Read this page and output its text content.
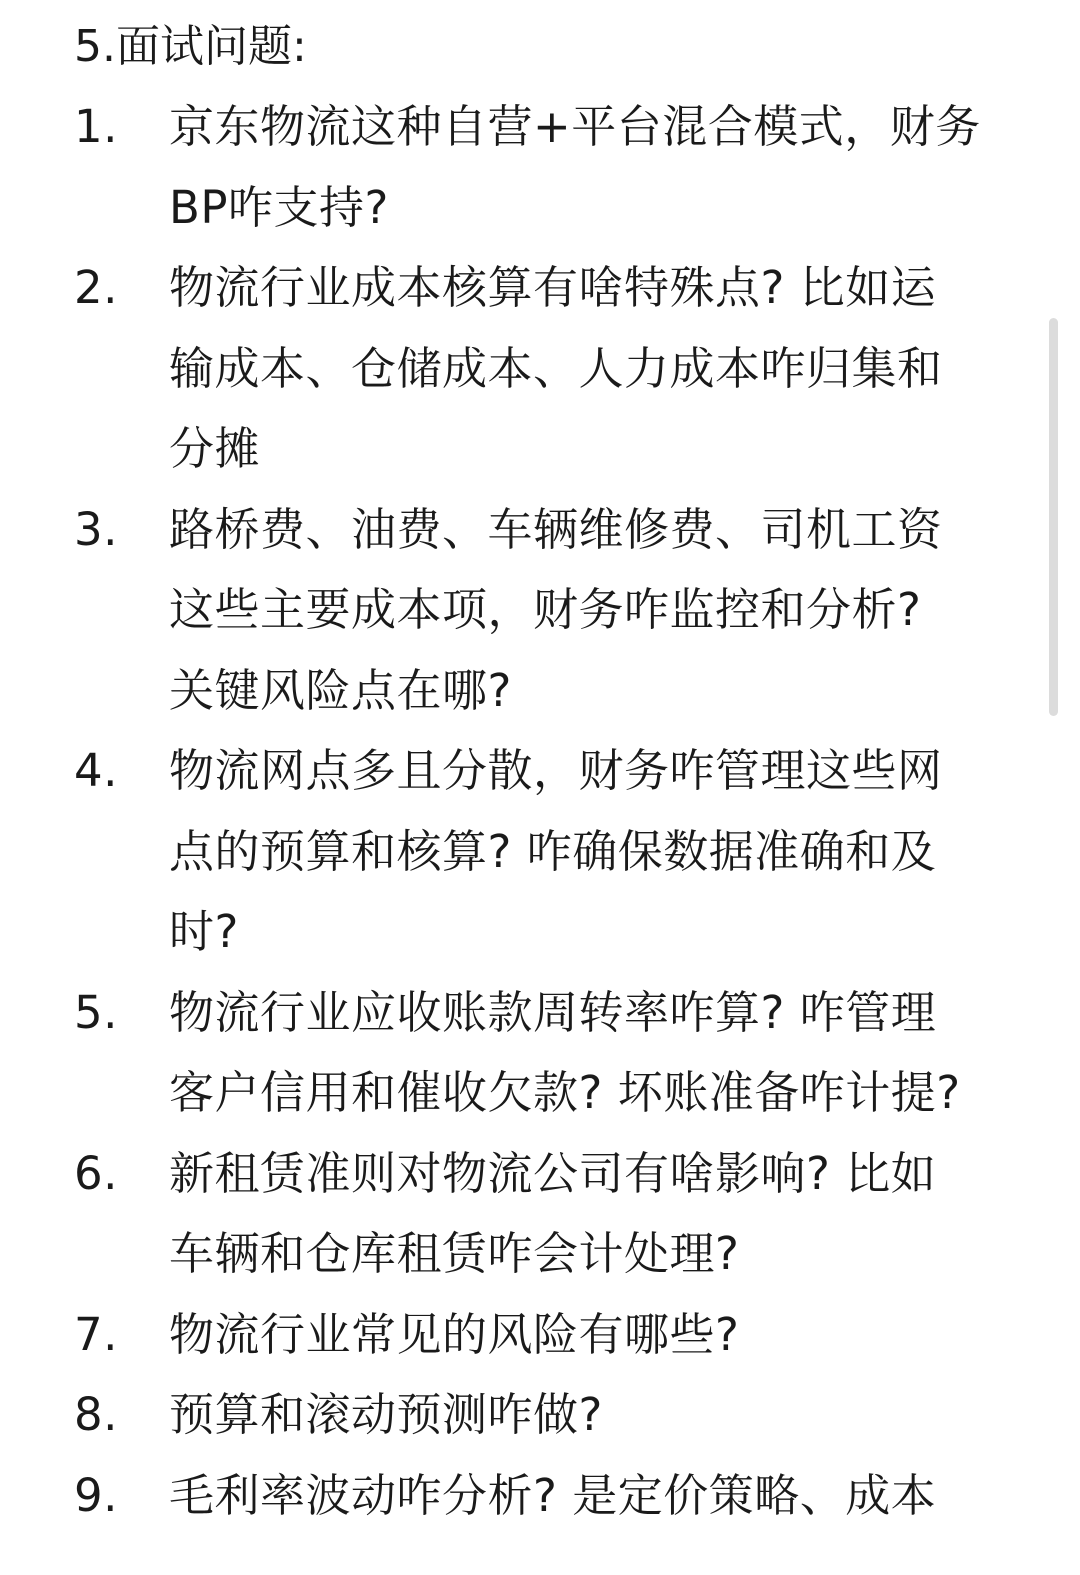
5.面试问题:
1.	京东物流这种自营+平台混合模式，财务BP咋支持?
2.	物流行业成本核算有啥特殊点? 比如运输成本、仓储成本、人力成本咋归集和分摊
3.	路桥费、油费、车辆维修费、司机工资这些主要成本项，财务咋监控和分析? 关键风险点在哪?
4.	物流网点多且分散，财务咋管理这些网点的预算和核算? 咋确保数据准确和及时?
5.	物流行业应收账款周转率咋算? 咋管理客户信用和催收欠款? 坏账准备咋计提?
6.	新租赁准则对物流公司有啥影响? 比如车辆和仓库租赁咋会计处理?
7.	物流行业常见的风险有哪些?
8.	预算和滚动预测咋做?
9.	毛利率波动咋分析? 是定价策略、成本
